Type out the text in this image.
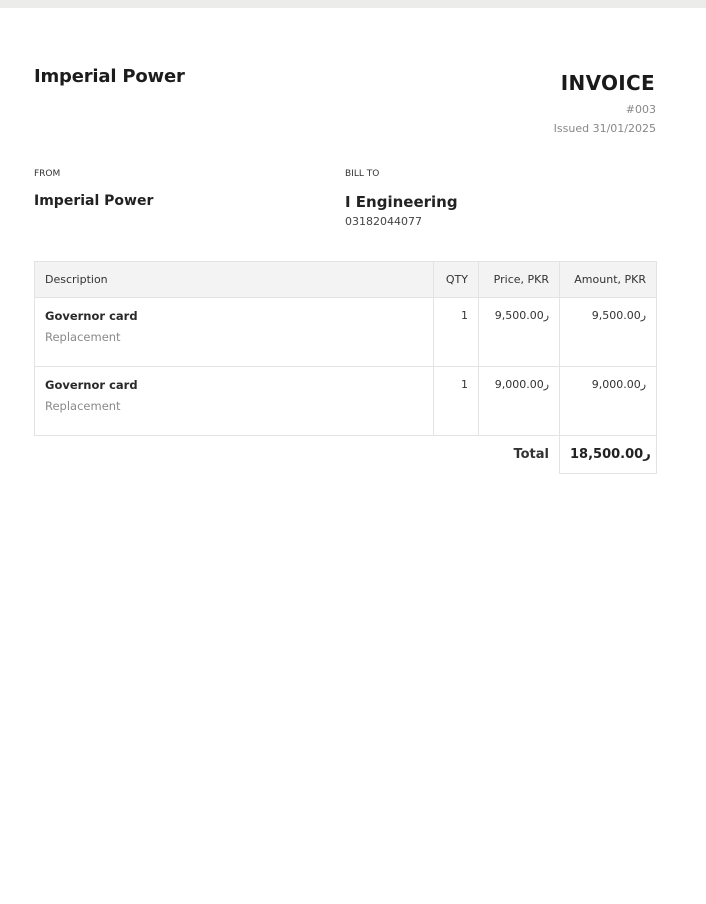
Imperial Power	INVOICE
#003
Issued 31/01/2025
FROM	BILL TO
Imperial Power	I Engineering
03182044077
Description	QTY	Price, PKR	Amount, PKR

Governor card
Replacement	1	9,500.00ر	9,500.00ر

Governor card
Replacement	1	9,000.00ر	9,000.00ر
	Total		18,500.00ر
